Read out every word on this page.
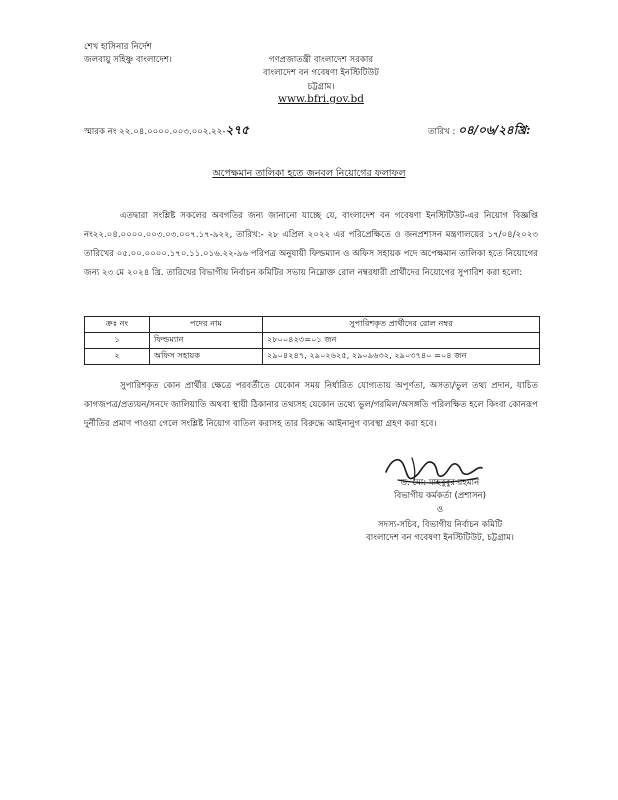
শেখ হাসিনার নির্দেশ
জলবায়ু সহিষ্ণু বাংলাদেশ।	গণপ্রজাতন্ত্রী বাংলাদেশ সরকার
বাংলাদেশ বন গবেষণা ইনস্টিটিউট
চট্টগ্রাম।
www.bfri.gov.bd
স্মারক নং ২২.০৪.০০০০.০০৩.০০২.২২-২৭৫	তারিখ : ০৪/০৬/২৪খ্রি:
অপেক্ষমান তালিকা হতে জনবল নিয়োগের ফলাফল
এতদ্বারা সংশ্লিষ্ট সকলের অবগতির জন্য জানানো যাচ্ছে যে, বাংলাদেশ বন গবেষণা ইনস্টিটিউট-এর নিয়োগ বিজ্ঞপ্তি নং২২.০৪.০০০০.০০৩.০৩.০০৭.১৭-৯২২, তারিখ:- ২৮ এপ্রিল ২০২২ এর পরিপ্রেক্ষিতে ও জনপ্রশাসন মন্ত্রণালয়ের ১৭/০৪/২০২৩ তারিখের ০৫.০০.০০০০.১৭০.১১.০১৬.২২-৯৬ পরিপত্র অনুযায়ী ফিল্ডম্যান ও অফিস সহায়ক পদে অপেক্ষমান তালিকা হতে নিয়োগের জন্য ২৩ মে ২০২৪ খ্রি. তারিখের বিভাগীয় নির্বাচন কমিটির সভায় নিম্নোক্ত রোল নম্বরধারী প্রার্থীদের নিয়োগের সুপারিশ করা হলো:
ক্রঃ নং	পদের নাম	সুপারিশকৃত প্রার্থীদের রোল নম্বর
১	ফিল্ডম্যান	২৮০০৪২৩=০১ জন
২	অফিস সহায়ক	২৯০৪২৪৭, ২৯০২৬২৫, ২৯০৯৬৩২, ২৯০৩৭৪০ =০৪ জন
সুপারিশকৃত কোন প্রার্থীর ক্ষেত্রে পরবর্তীতে যেকোন সময় নির্ধারিত যোগ্যতায় অপূর্ণতা, অসত্য/ভুল তথ্য প্রদান, যাচিত কাগজপত্র/প্রত্যয়ন/সনদে জালিয়াতি অথবা স্থায়ী ঠিকানার তথ্যসহ যেকোন তথ্যে ভুল/গরমিল/অসঙ্গতি পরিলক্ষিত হলে কিংবা কোনরূপ দুর্নীতির প্রমাণ পাওয়া গেলে সংশ্লিষ্ট নিয়োগ বাতিল করাসহ তার বিরুদ্ধে আইনানুগ ব্যবস্থা গ্রহণ করা হবে।
ড. মো: মাহবুবুর রহমান
বিভাগীয় কর্মকর্তা (প্রশাসন)
ও
সদস্য-সচিব, বিভাগীয় নির্বাচন কমিটি
বাংলাদেশ বন গবেষণা ইনস্টিটিউট, চট্টগ্রাম।
